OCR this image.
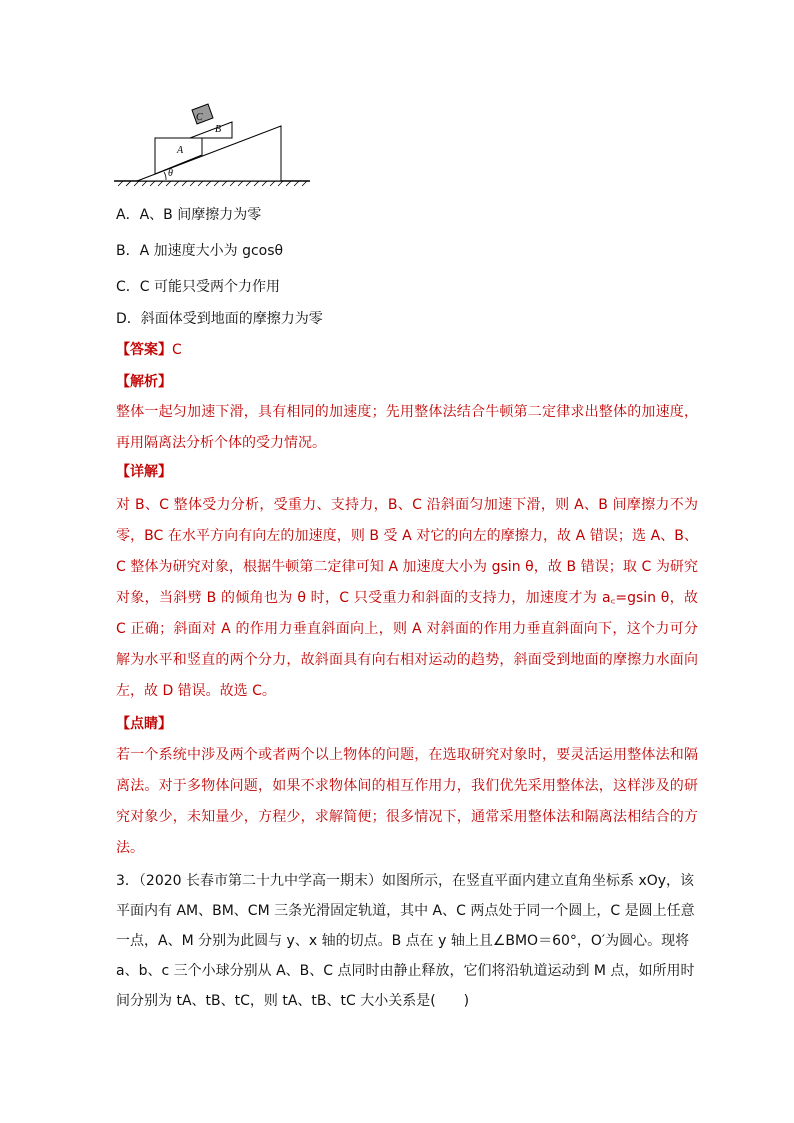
C
B
A
θ
A．A、B 间摩擦力为零
B．A 加速度大小为 gcosθ
C．C 可能只受两个力作用
D．斜面体受到地面的摩擦力为零
【答案】C
【解析】
整体一起匀加速下滑，具有相同的加速度；先用整体法结合牛顿第二定律求出整体的加速度，再用隔离法分析个体的受力情况。
【详解】
对 B、C 整体受力分析，受重力、支持力，B、C 沿斜面匀加速下滑，则 A、B 间摩擦力不为零，BC 在水平方向有向左的加速度，则 B 受 A 对它的向左的摩擦力，故 A 错误；选 A、B、C 整体为研究对象，根据牛顿第二定律可知 A 加速度大小为 gsin θ，故 B 错误；取 C 为研究对象，当斜劈 B 的倾角也为 θ 时，C 只受重力和斜面的支持力，加速度才为 a꜀=gsin θ，故 C 正确；斜面对 A 的作用力垂直斜面向上，则 A 对斜面的作用力垂直斜面向下，这个力可分解为水平和竖直的两个分力，故斜面具有向右相对运动的趋势，斜面受到地面的摩擦力水面向左，故 D 错误。故选 C。
【点睛】
若一个系统中涉及两个或者两个以上物体的问题，在选取研究对象时，要灵活运用整体法和隔离法。对于多物体问题，如果不求物体间的相互作用力，我们优先采用整体法，这样涉及的研究对象少，未知量少，方程少，求解简便；很多情况下，通常采用整体法和隔离法相结合的方法。
3．（2020 长春市第二十九中学高一期末）如图所示，在竖直平面内建立直角坐标系 xOy，该平面内有 AM、BM、CM 三条光滑固定轨道，其中 A、C 两点处于同一个圆上，C 是圆上任意一点，A、M 分别为此圆与 y、x 轴的切点。B 点在 y 轴上且∠BMO＝60°，O′为圆心。现将 a、b、c 三个小球分别从 A、B、C 点同时由静止释放，它们将沿轨道运动到 M 点，如所用时间分别为 tA、tB、tC，则 tA、tB、tC 大小关系是(　　)
